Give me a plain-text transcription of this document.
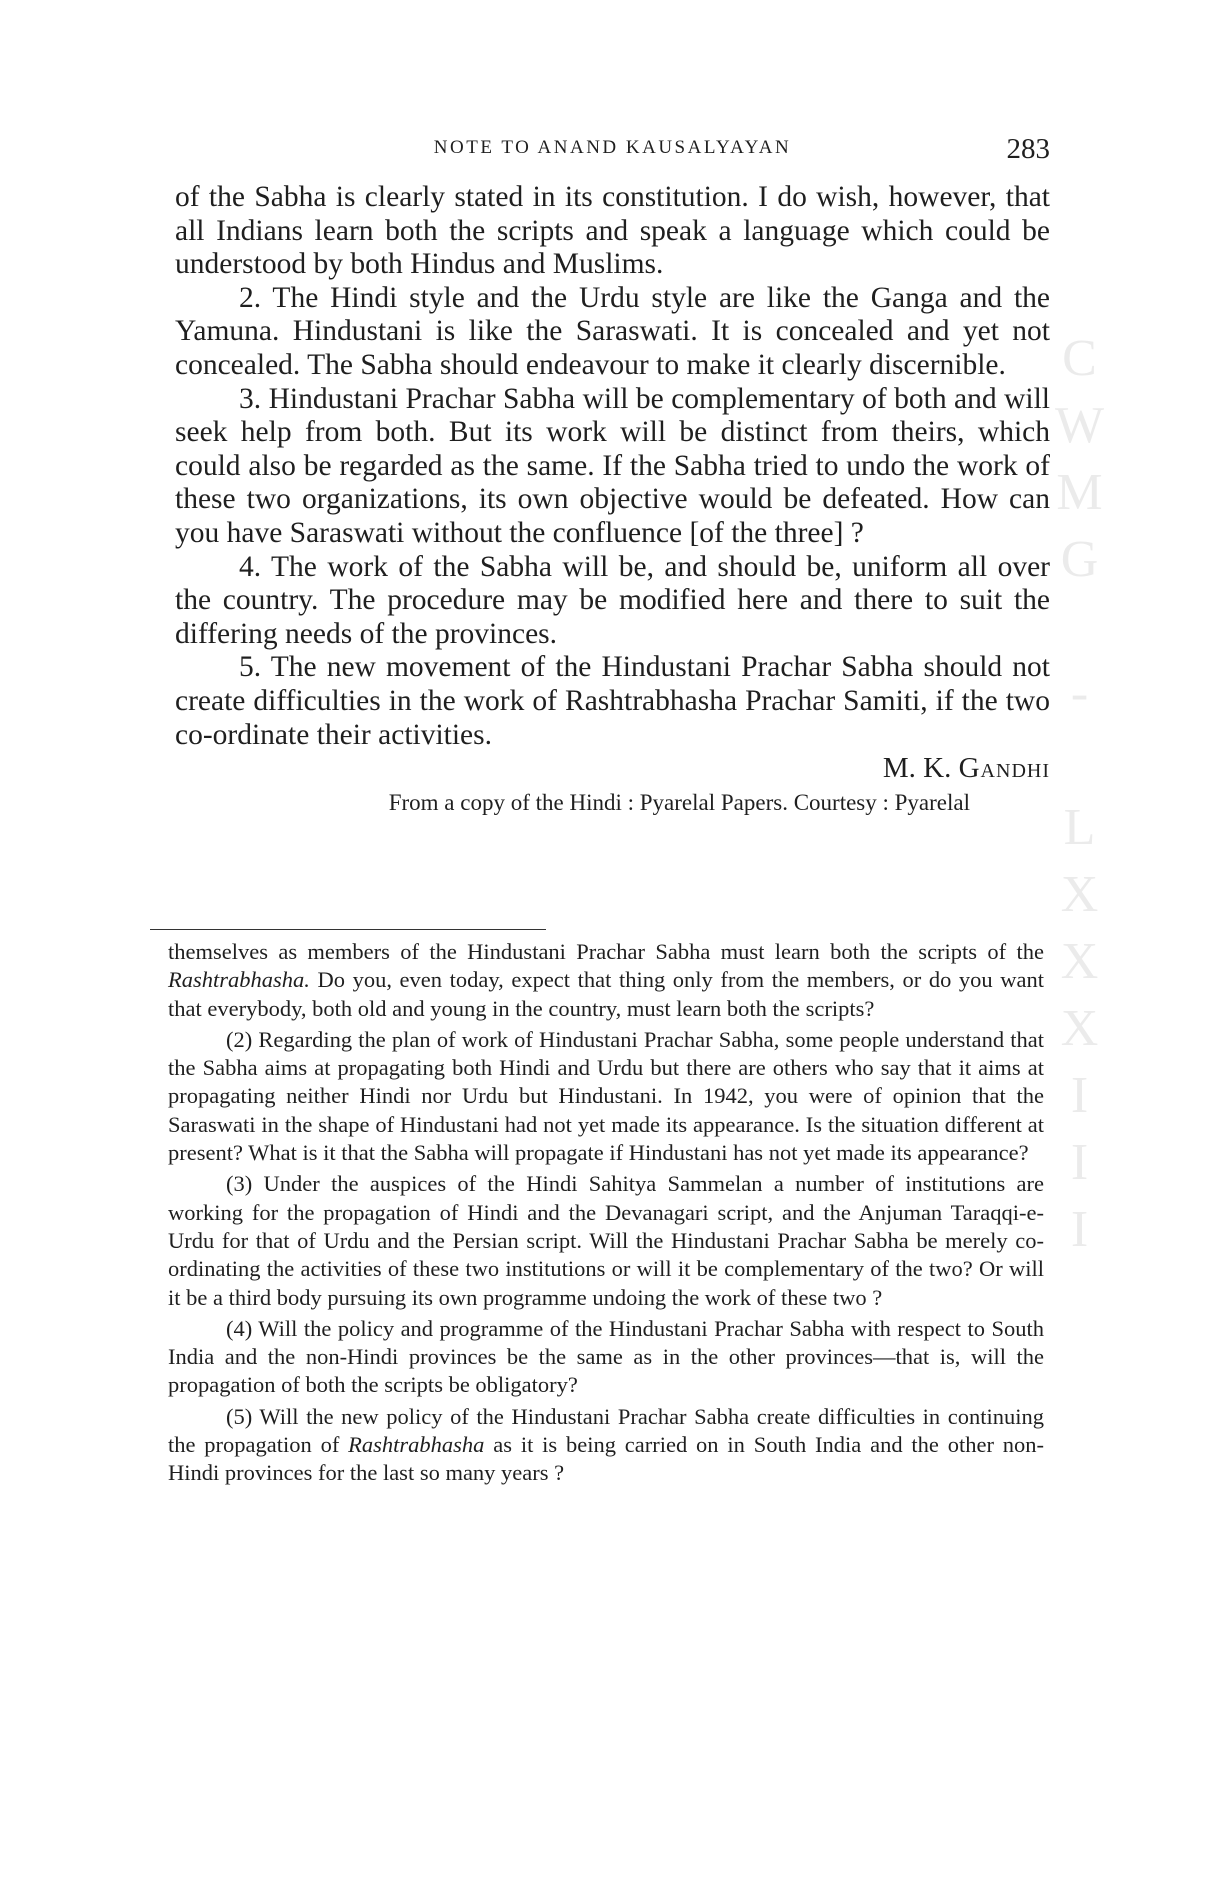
CWMG - LXXXIII
NOTE TO ANAND KAUSALYAYAN	283

of the Sabha is clearly stated in its constitution. I do wish, however, that all Indians learn both the scripts and speak a language which could be understood by both Hindus and Muslims.

2. The Hindi style and the Urdu style are like the Ganga and the Yamuna. Hindustani is like the Saraswati. It is concealed and yet not concealed. The Sabha should endeavour to make it clearly discernible.

3. Hindustani Prachar Sabha will be complementary of both and will seek help from both. But its work will be distinct from theirs, which could also be regarded as the same. If the Sabha tried to undo the work of these two organizations, its own objective would be defeated. How can you have Saraswati without the confluence [of the three] ?

4. The work of the Sabha will be, and should be, uniform all over the country. The procedure may be modified here and there to suit the differing needs of the provinces.

5. The new movement of the Hindustani Prachar Sabha should not create difficulties in the work of Rashtrabhasha Prachar Samiti, if the two co-ordinate their activities.

M. K. Gandhi

From a copy of the Hindi : Pyarelal Papers. Courtesy : Pyarelal

themselves as members of the Hindustani Prachar Sabha must learn both the scripts of the Rashtrabhasha. Do you, even today, expect that thing only from the members, or do you want that everybody, both old and young in the country, must learn both the scripts?

(2) Regarding the plan of work of Hindustani Prachar Sabha, some people understand that the Sabha aims at propagating both Hindi and Urdu but there are others who say that it aims at propagating neither Hindi nor Urdu but Hindustani. In 1942, you were of opinion that the Saraswati in the shape of Hindustani had not yet made its appearance. Is the situation different at present? What is it that the Sabha will propagate if Hindustani has not yet made its appearance?

(3) Under the auspices of the Hindi Sahitya Sammelan a number of institutions are working for the propagation of Hindi and the Devanagari script, and the Anjuman Taraqqi-e-Urdu for that of Urdu and the Persian script. Will the Hindustani Prachar Sabha be merely co-ordinating the activities of these two institutions or will it be complementary of the two? Or will it be a third body pursuing its own programme undoing the work of these two ?

(4) Will the policy and programme of the Hindustani Prachar Sabha with respect to South India and the non-Hindi provinces be the same as in the other provinces—that is, will the propagation of both the scripts be obligatory?

(5) Will the new policy of the Hindustani Prachar Sabha create difficulties in continuing the propagation of Rashtrabhasha as it is being carried on in South India and the other non-Hindi provinces for the last so many years ?
